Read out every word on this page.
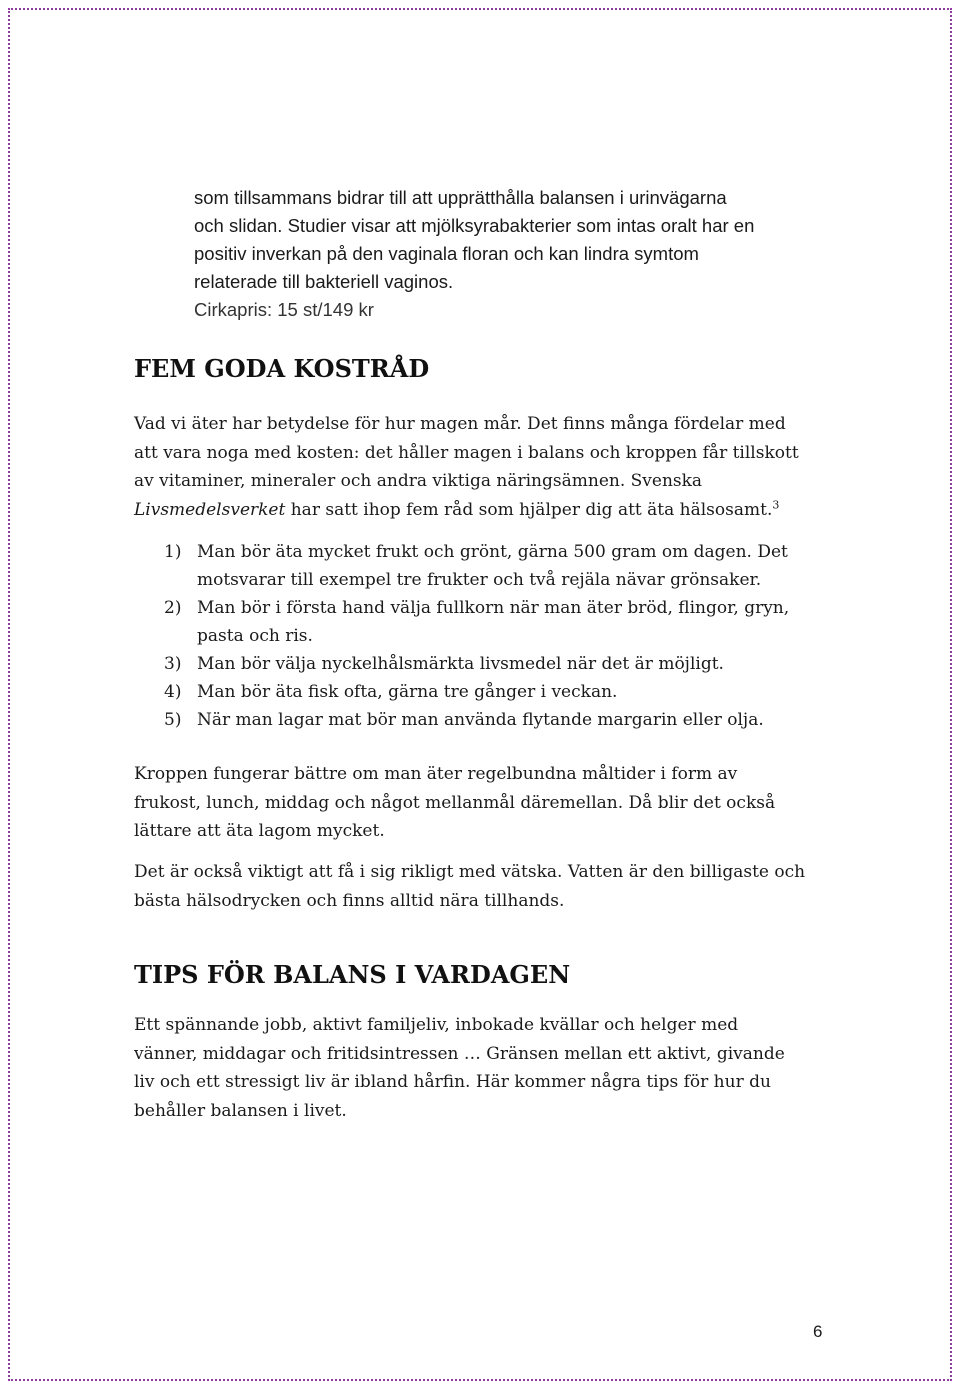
som tillsammans bidrar till att upprätthålla balansen i urinvägarna
och slidan. Studier visar att mjölksyrabakterier som intas oralt har en
positiv inverkan på den vaginala floran och kan lindra symtom
relaterade till bakteriell vaginos.

Cirkapris: 15 st/149 kr

FEM GODA KOSTRÅD

Vad vi äter har betydelse för hur magen mår. Det finns många fördelar med
att vara noga med kosten: det håller magen i balans och kroppen får tillskott
av vitaminer, mineraler och andra viktiga näringsämnen. Svenska
Livsmedelsverket har satt ihop fem råd som hjälper dig att äta hälsosamt.$^3$

1) Man bör äta mycket frukt och grönt, gärna 500 gram om dagen. Det
motsvarar till exempel tre frukter och två rejäla nävar grönsaker.
2) Man bör i första hand välja fullkorn när man äter bröd, flingor, gryn,
pasta och ris.
3) Man bör välja nyckelhålsmärkta livsmedel när det är möjligt.
4) Man bör äta fisk ofta, gärna tre gånger i veckan.
5) När man lagar mat bör man använda flytande margarin eller olja.

Kroppen fungerar bättre om man äter regelbundna måltider i form av
frukost, lunch, middag och något mellanmål däremellan. Då blir det också
lättare att äta lagom mycket.

Det är också viktigt att få i sig rikligt med vätska. Vatten är den billigaste och
bästa hälsodrycken och finns alltid nära tillhands.

TIPS FÖR BALANS I VARDAGEN

Ett spännande jobb, aktivt familjeliv, inbokade kvällar och helger med
vänner, middagar och fritidsintressen … Gränsen mellan ett aktivt, givande
liv och ett stressigt liv är ibland hårfin. Här kommer några tips för hur du
behåller balansen i livet.

6
